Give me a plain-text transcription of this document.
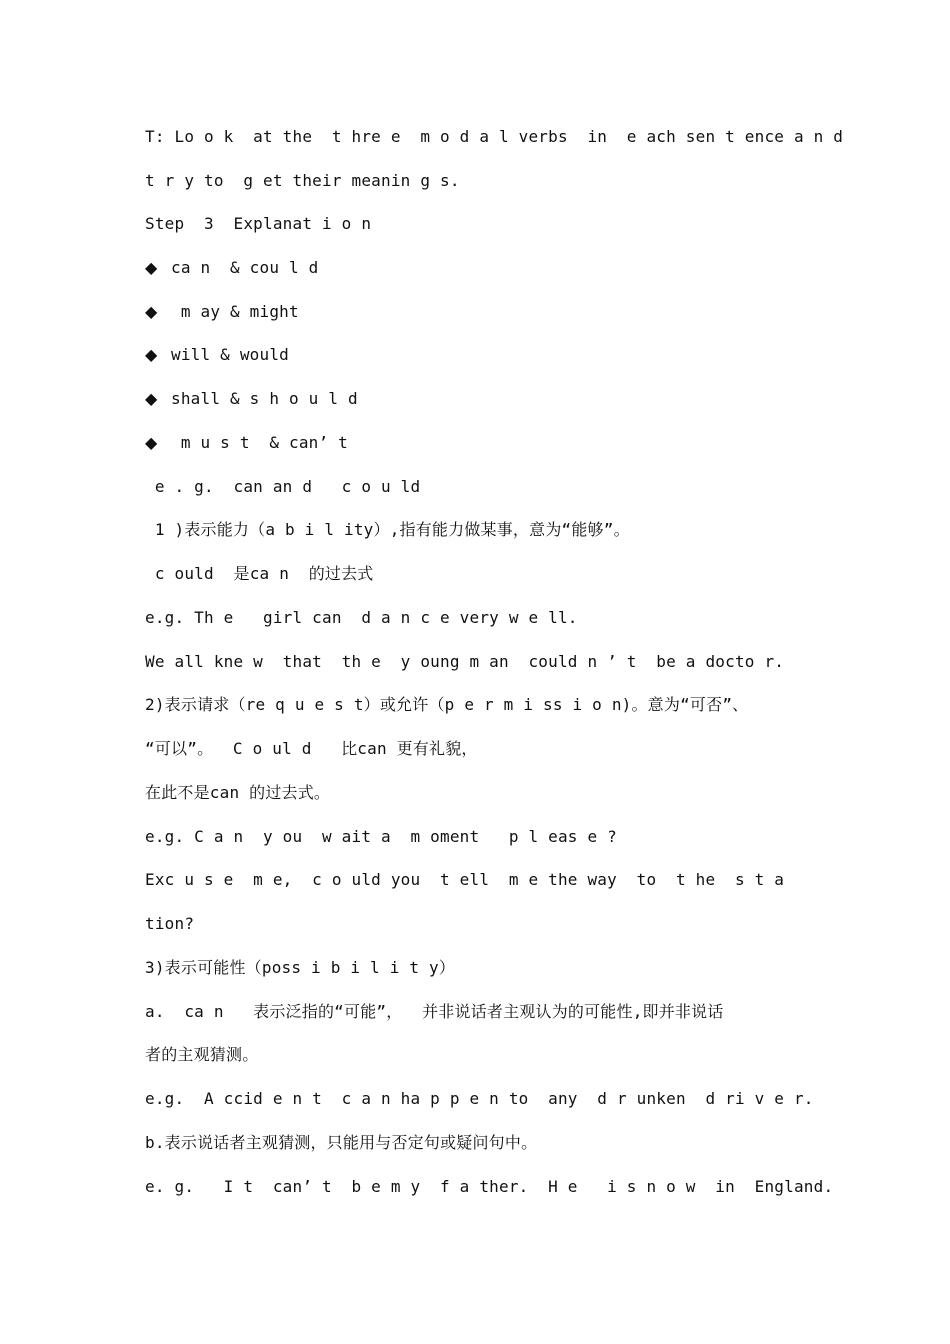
T: Lo o k  at the  t hre e  m o d a l verbs  in  e ach sen t ence a n d
t r y to  g et their meanin g s.
Step  3  Explanat i o n
◆ ca n  & cou l d
◆ m ay & might
◆ will & would
◆ shall & s h o u l d
◆ m u s t  & can’ t
e . g.  can an d   c o u ld
1 )表示能力（a b i l ity）,指有能力做某事，意为“能够”。
c ould  是ca n  的过去式
e.g. Th e   girl can  d a n c e very w e ll.
We all kne w  that  th e  y oung m an  could n ’ t  be a docto r.
2)表示请求（re q u e s t）或允许（p e r m i ss i o n)。意为“可否”、
“可以”。  C o ul d   比can 更有礼貌，
在此不是can 的过去式。
e.g. C a n  y ou  w ait a  m oment   p l eas e ?
Exc u s e  m e,  c o uld you  t ell  m e the way  to  t he  s t a
tion?
3)表示可能性（poss i b i l i t y）
a.  ca n   表示泛指的“可能”，  并非说话者主观认为的可能性,即并非说话
者的主观猜测。
e.g.  A ccid e n t  c a n ha p p e n to  any  d r unken  d ri v e r.
b.表示说话者主观猜测，只能用与否定句或疑问句中。
e. g.   I t  can’ t  b e m y  f a ther.  H e   i s n o w  in  England.
